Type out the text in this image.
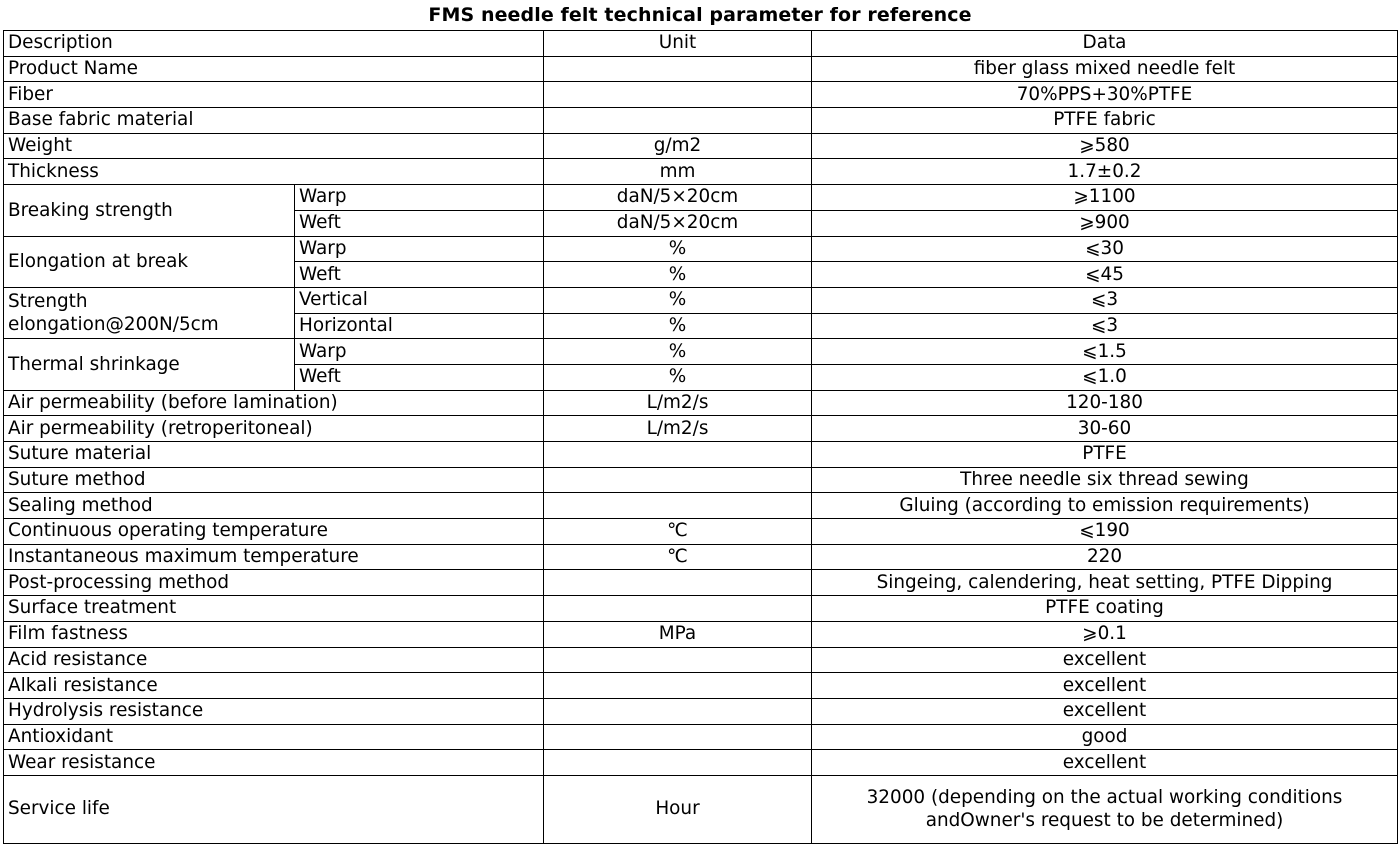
FMS needle felt technical parameter for reference
Description		Unit	Data
Product Name			fiber glass mixed needle felt
Fiber			70%PPS+30%PTFE
Base fabric material			PTFE fabric
Weight		g/m2	⩾580
Thickness		mm	1.7±0.2
Breaking strength	Warp	daN/5×20cm	⩾1100
	Weft	daN/5×20cm	⩾900
Elongation at break	Warp	%	⩽30
	Weft	%	⩽45
Strength elongation@200N/5cm	Vertical	%	⩽3
	Horizontal	%	⩽3
Thermal shrinkage	Warp	%	⩽1.5
	Weft	%	⩽1.0
Air permeability (before lamination)		L/m2/s	120-180
Air permeability (retroperitoneal)		L/m2/s	30-60
Suture material			PTFE
Suture method			Three needle six thread sewing
Sealing method			Gluing (according to emission requirements)
Continuous operating temperature		℃	⩽190
Instantaneous maximum temperature		℃	220
Post-processing method			Singeing, calendering, heat setting, PTFE Dipping
Surface treatment			PTFE coating
Film fastness		MPa	⩾0.1
Acid resistance			excellent
Alkali resistance			excellent
Hydrolysis resistance			excellent
Antioxidant			good
Wear resistance			excellent
Service life		Hour	32000 (depending on the actual working conditions andOwner's request to be determined)
